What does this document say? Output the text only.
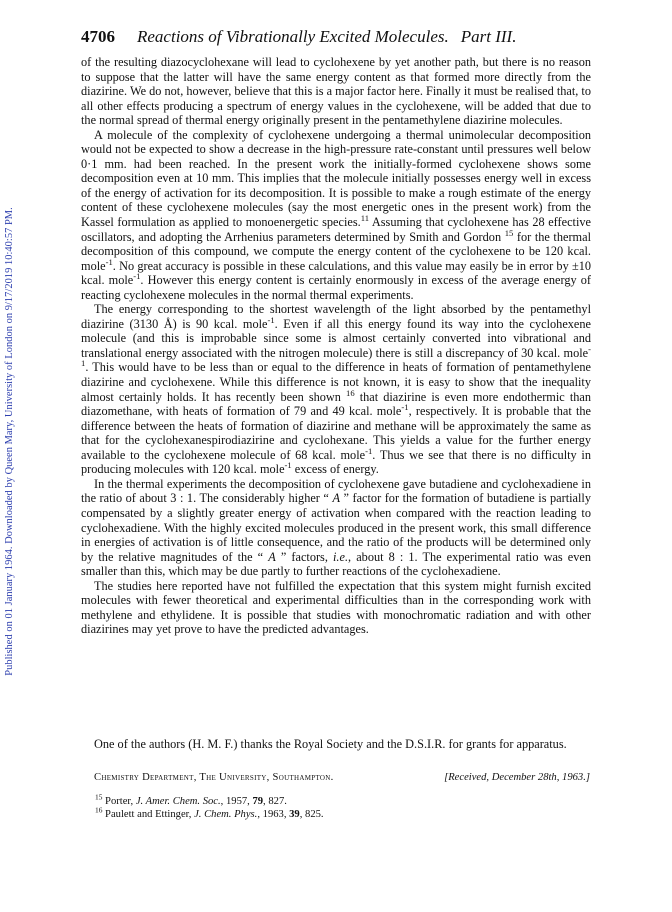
Published on 01 January 1964. Downloaded by Queen Mary, University of London on 9/17/2019 10:40:57 PM.
4706 Reactions of Vibrationally Excited Molecules. Part III.

of the resulting diazocyclohexane will lead to cyclohexene by yet another path, but there is no reason to suppose that the latter will have the same energy content as that formed more directly from the diazirine. We do not, however, believe that this is a major factor here. Finally it must be realised that, to all other effects producing a spectrum of energy values in the cyclohexene, will be added that due to the normal spread of thermal energy originally present in the pentamethylene diazirine molecules.

A molecule of the complexity of cyclohexene undergoing a thermal unimolecular decomposition would not be expected to show a decrease in the high-pressure rate-constant until pressures well below 0·1 mm. had been reached. In the present work the initially-formed cyclohexene shows some decomposition even at 10 mm. This implies that the molecule initially possesses energy well in excess of the energy of activation for its decomposition. It is possible to make a rough estimate of the energy content of these cyclohexene molecules (say the most energetic ones in the present work) from the Kassel formulation as applied to monoenergetic species.$^{11}$ Assuming that cyclohexene has 28 effective oscillators, and adopting the Arrhenius parameters determined by Smith and Gordon $^{15}$ for the thermal decomposition of this compound, we compute the energy content of the cyclohexene to be 120 kcal. mole$^{-1}$. No great accuracy is possible in these calculations, and this value may easily be in error by ±10 kcal. mole$^{-1}$. However this energy content is certainly enormously in excess of the average energy of reacting cyclohexene molecules in the normal thermal experiments.

The energy corresponding to the shortest wavelength of the light absorbed by the pentamethyl diazirine (3130 Å) is 90 kcal. mole$^{-1}$. Even if all this energy found its way into the cyclohexene molecule (and this is improbable since some is almost certainly converted into vibrational and translational energy associated with the nitrogen molecule) there is still a discrepancy of 30 kcal. mole$^{-1}$. This would have to be less than or equal to the difference in heats of formation of pentamethylene diazirine and cyclohexene. While this difference is not known, it is easy to show that the inequality almost certainly holds. It has recently been shown $^{16}$ that diazirine is even more endothermic than diazomethane, with heats of formation of 79 and 49 kcal. mole$^{-1}$, respectively. It is probable that the difference between the heats of formation of diazirine and methane will be approximately the same as that for the cyclohexanespirodiazirine and cyclohexane. This yields a value for the further energy available to the cyclohexene molecule of 68 kcal. mole$^{-1}$. Thus we see that there is no difficulty in producing molecules with 120 kcal. mole$^{-1}$ excess of energy.

In the thermal experiments the decomposition of cyclohexene gave butadiene and cyclohexadiene in the ratio of about 3 : 1. The considerably higher “ A ” factor for the formation of butadiene is partially compensated by a slightly greater energy of activation when compared with the reaction leading to cyclohexadiene. With the highly excited molecules produced in the present work, this small difference in energies of activation is of little consequence, and the ratio of the products will be determined only by the relative magnitudes of the “ A ” factors, i.e., about 8 : 1. The experimental ratio was even smaller than this, which may be due partly to further reactions of the cyclohexadiene.

The studies here reported have not fulfilled the expectation that this system might furnish excited molecules with fewer theoretical and experimental difficulties than in the corresponding work with methylene and ethylidene. It is possible that studies with monochromatic radiation and with other diazirines may yet prove to have the predicted advantages.

One of the authors (H. M. F.) thanks the Royal Society and the D.S.I.R. for grants for apparatus.

Chemistry Department, The University, Southampton.	[Received, December 28th, 1963.]
$^{15}$ Porter, J. Amer. Chem. Soc., 1957, 79, 827.
$^{16}$ Paulett and Ettinger, J. Chem. Phys., 1963, 39, 825.
